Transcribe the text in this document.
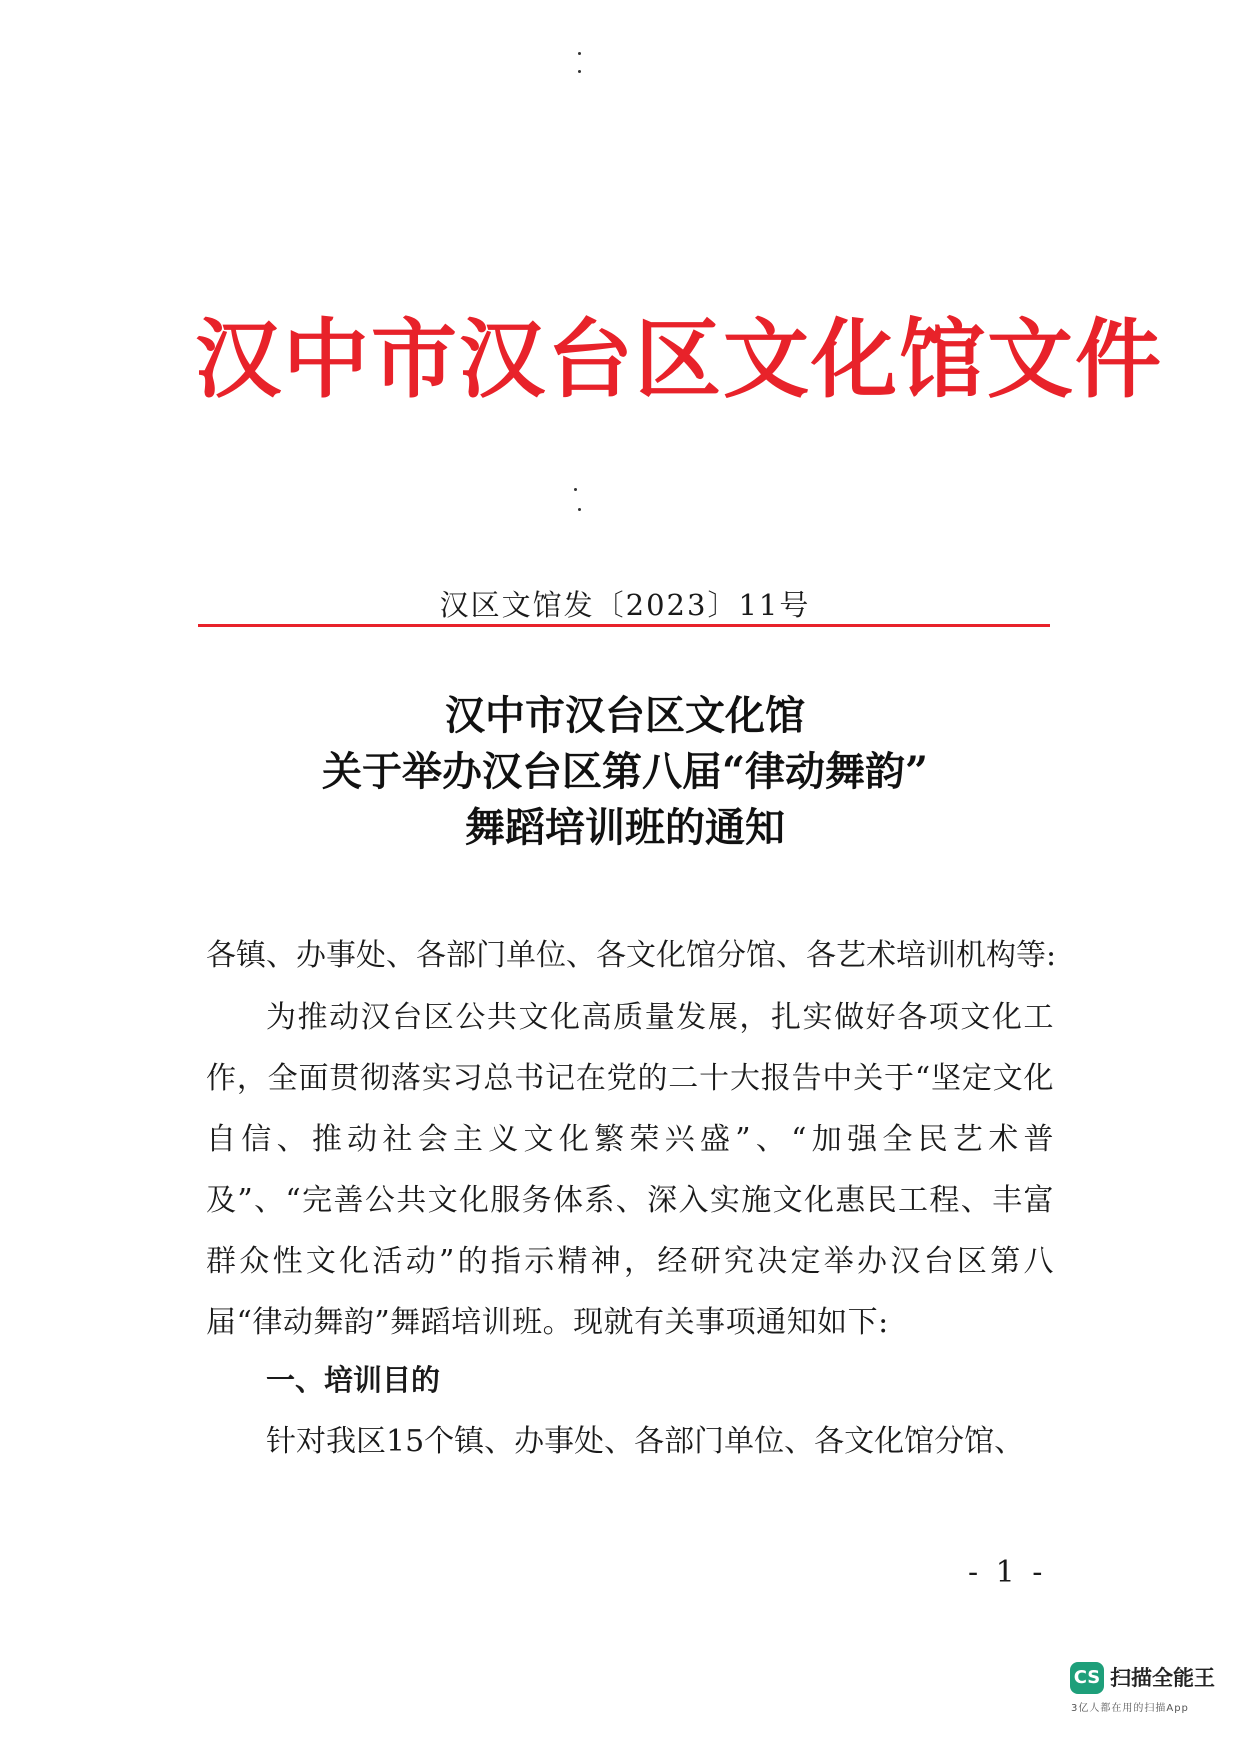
汉中市汉台区文化馆文件
汉区文馆发〔2023〕11号
汉中市汉台区文化馆
关于举办汉台区第八届“律动舞韵”
舞蹈培训班的通知
各镇、办事处、各部门单位、各文化馆分馆、各艺术培训机构等:
为推动汉台区公共文化高质量发展，扎实做好各项文化工作，全面贯彻落实习总书记在党的二十大报告中关于“坚定文化自信、推动社会主义文化繁荣兴盛”、“加强全民艺术普及”、“完善公共文化服务体系、深入实施文化惠民工程、丰富群众性文化活动”的指示精神，经研究决定举办汉台区第八届“律动舞韵”舞蹈培训班。现就有关事项通知如下:
一、培训目的
针对我区15个镇、办事处、各部门单位、各文化馆分馆、
- 1 -
CS 扫描全能王
3亿人都在用的扫描App
